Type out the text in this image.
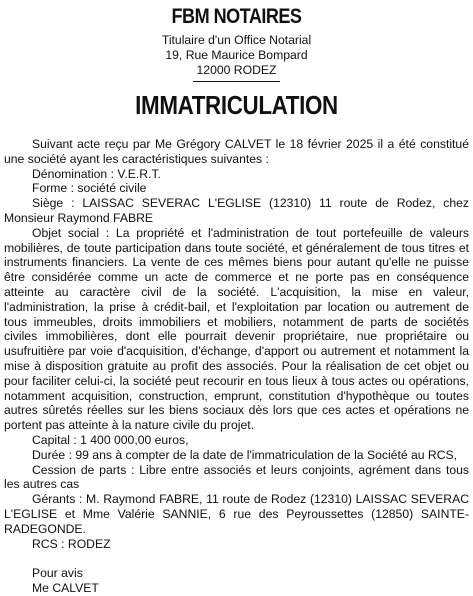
FBM NOTAIRES
Titulaire d'un Office Notarial
19, Rue Maurice Bompard
12000 RODEZ
IMMATRICULATION

Suivant acte reçu par Me Grégory CALVET le 18 février 2025 il a été constitué une société ayant les caractéristiques suivantes :

Dénomination : V.E.R.T.

Forme : société civile

Siège : LAISSAC SEVERAC L'EGLISE (12310) 11 route de Rodez, chez Monsieur Raymond FABRE

Objet social : La propriété et l'administration de tout portefeuille de valeurs mobilières, de toute participation dans toute société, et généralement de tous titres et instruments financiers. La vente de ces mêmes biens pour autant qu'elle ne puisse être considérée comme un acte de commerce et ne porte pas en conséquence atteinte au caractère civil de la société. L'acquisition, la mise en valeur, l'administration, la prise à crédit-bail, et l'exploitation par location ou autrement de tous immeubles, droits immobiliers et mobiliers, notamment de parts de sociétés civiles immobilières, dont elle pourrait devenir propriétaire, nue propriétaire ou usufruitière par voie d'acquisition, d'échange, d'apport ou autrement et notamment la mise à disposition gratuite au profit des associés. Pour la réalisation de cet objet ou pour faciliter celui-ci, la société peut recourir en tous lieux à tous actes ou opérations, notamment acquisition, construction, emprunt, constitution d'hypothèque ou toutes autres sûretés réelles sur les biens sociaux dès lors que ces actes et opérations ne portent pas atteinte à la nature civile du projet.

Capital : 1 400 000,00 euros,

Durée : 99 ans à compter de la date de l'immatriculation de la Société au RCS,

Cession de parts : Libre entre associés et leurs conjoints, agrément dans tous les autres cas

Gérants : M. Raymond FABRE, 11 route de Rodez (12310) LAISSAC SEVERAC L'EGLISE et Mme Valérie SANNIE, 6 rue des Peyroussettes (12850) SAINTE-RADEGONDE.

RCS : RODEZ

Pour avis

Me CALVET
